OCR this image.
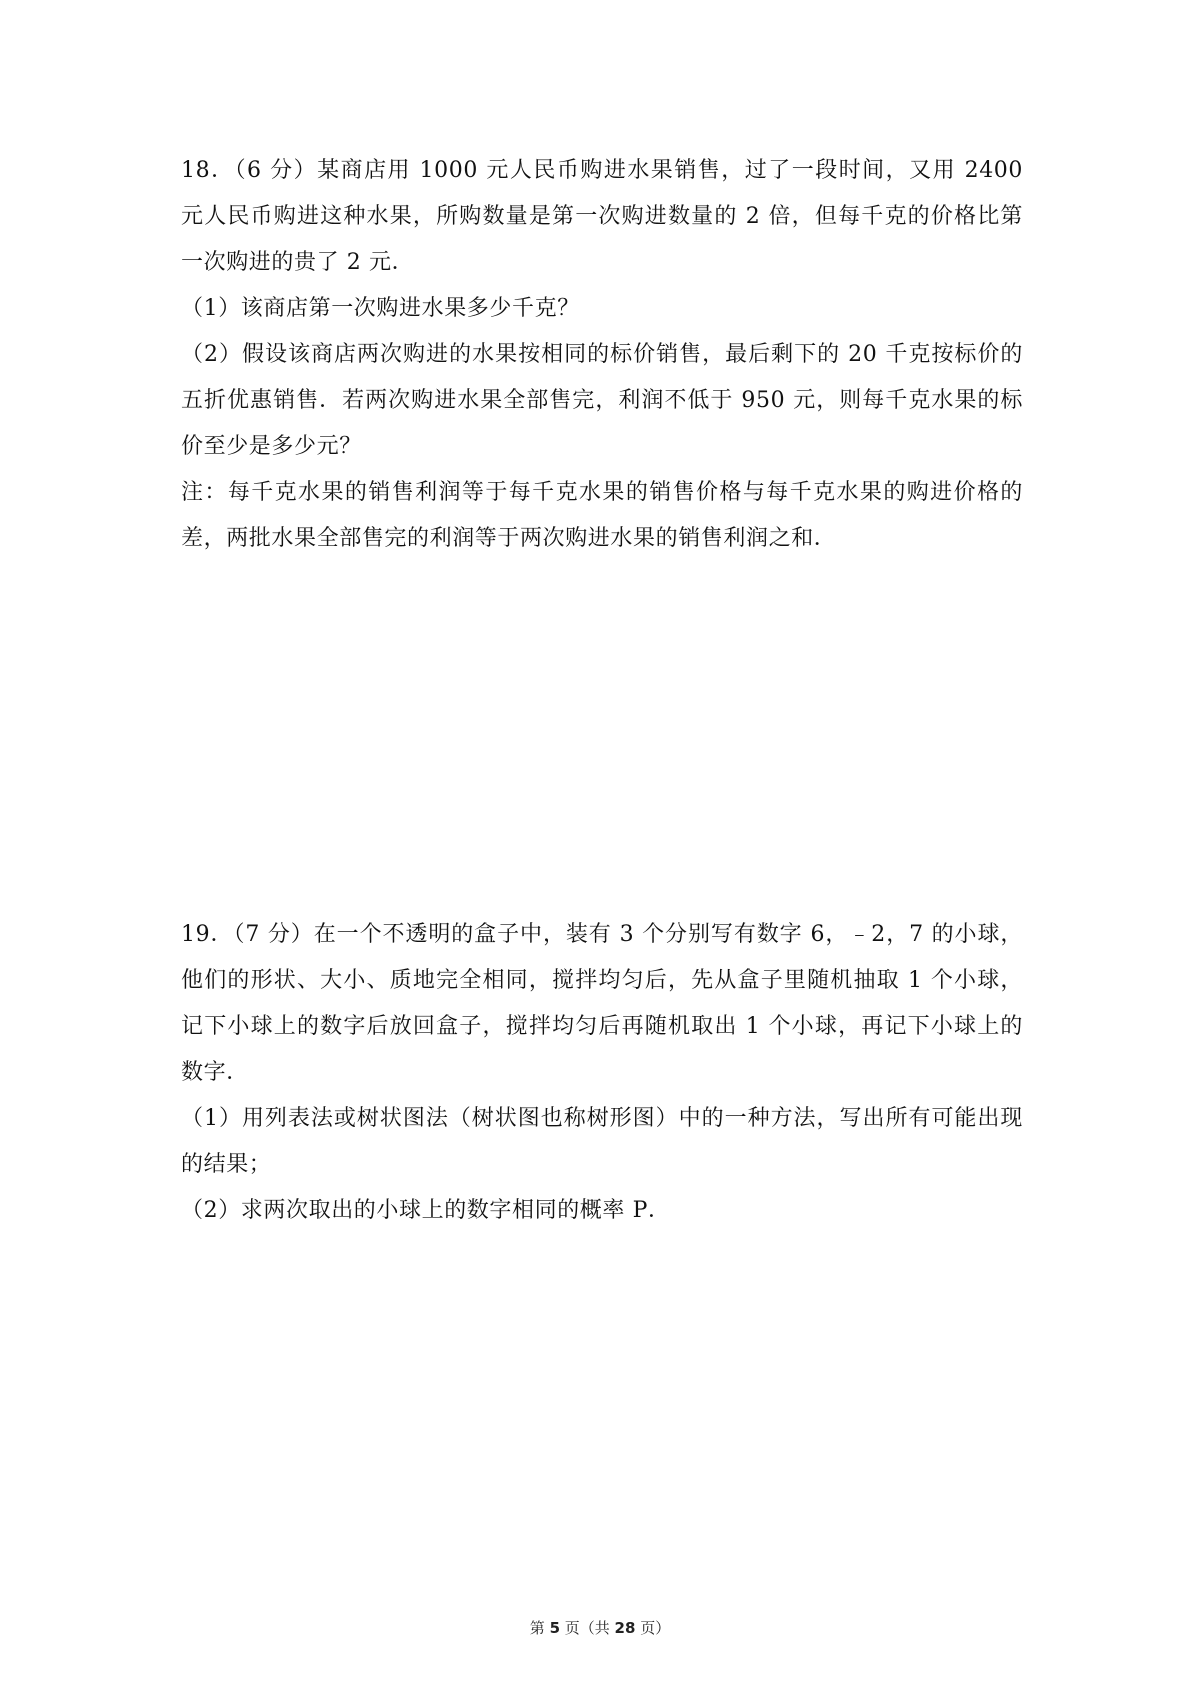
18．（6 分）某商店用 1000 元人民币购进水果销售，过了一段时间，又用 2400 元人民币购进这种水果，所购数量是第一次购进数量的 2 倍，但每千克的价格比第一次购进的贵了 2 元．

（1）该商店第一次购进水果多少千克？

（2）假设该商店两次购进的水果按相同的标价销售，最后剩下的 20 千克按标价的五折优惠销售．若两次购进水果全部售完，利润不低于 950 元，则每千克水果的标价至少是多少元？

注：每千克水果的销售利润等于每千克水果的销售价格与每千克水果的购进价格的差，两批水果全部售完的利润等于两次购进水果的销售利润之和．

19．（7 分）在一个不透明的盒子中，装有 3 个分别写有数字 6，﹣2，7 的小球，他们的形状、大小、质地完全相同，搅拌均匀后，先从盒子里随机抽取 1 个小球，记下小球上的数字后放回盒子，搅拌均匀后再随机取出 1 个小球，再记下小球上的数字．

（1）用列表法或树状图法（树状图也称树形图）中的一种方法，写出所有可能出现的结果；

（2）求两次取出的小球上的数字相同的概率 P．

第 5 页（共 28 页）
